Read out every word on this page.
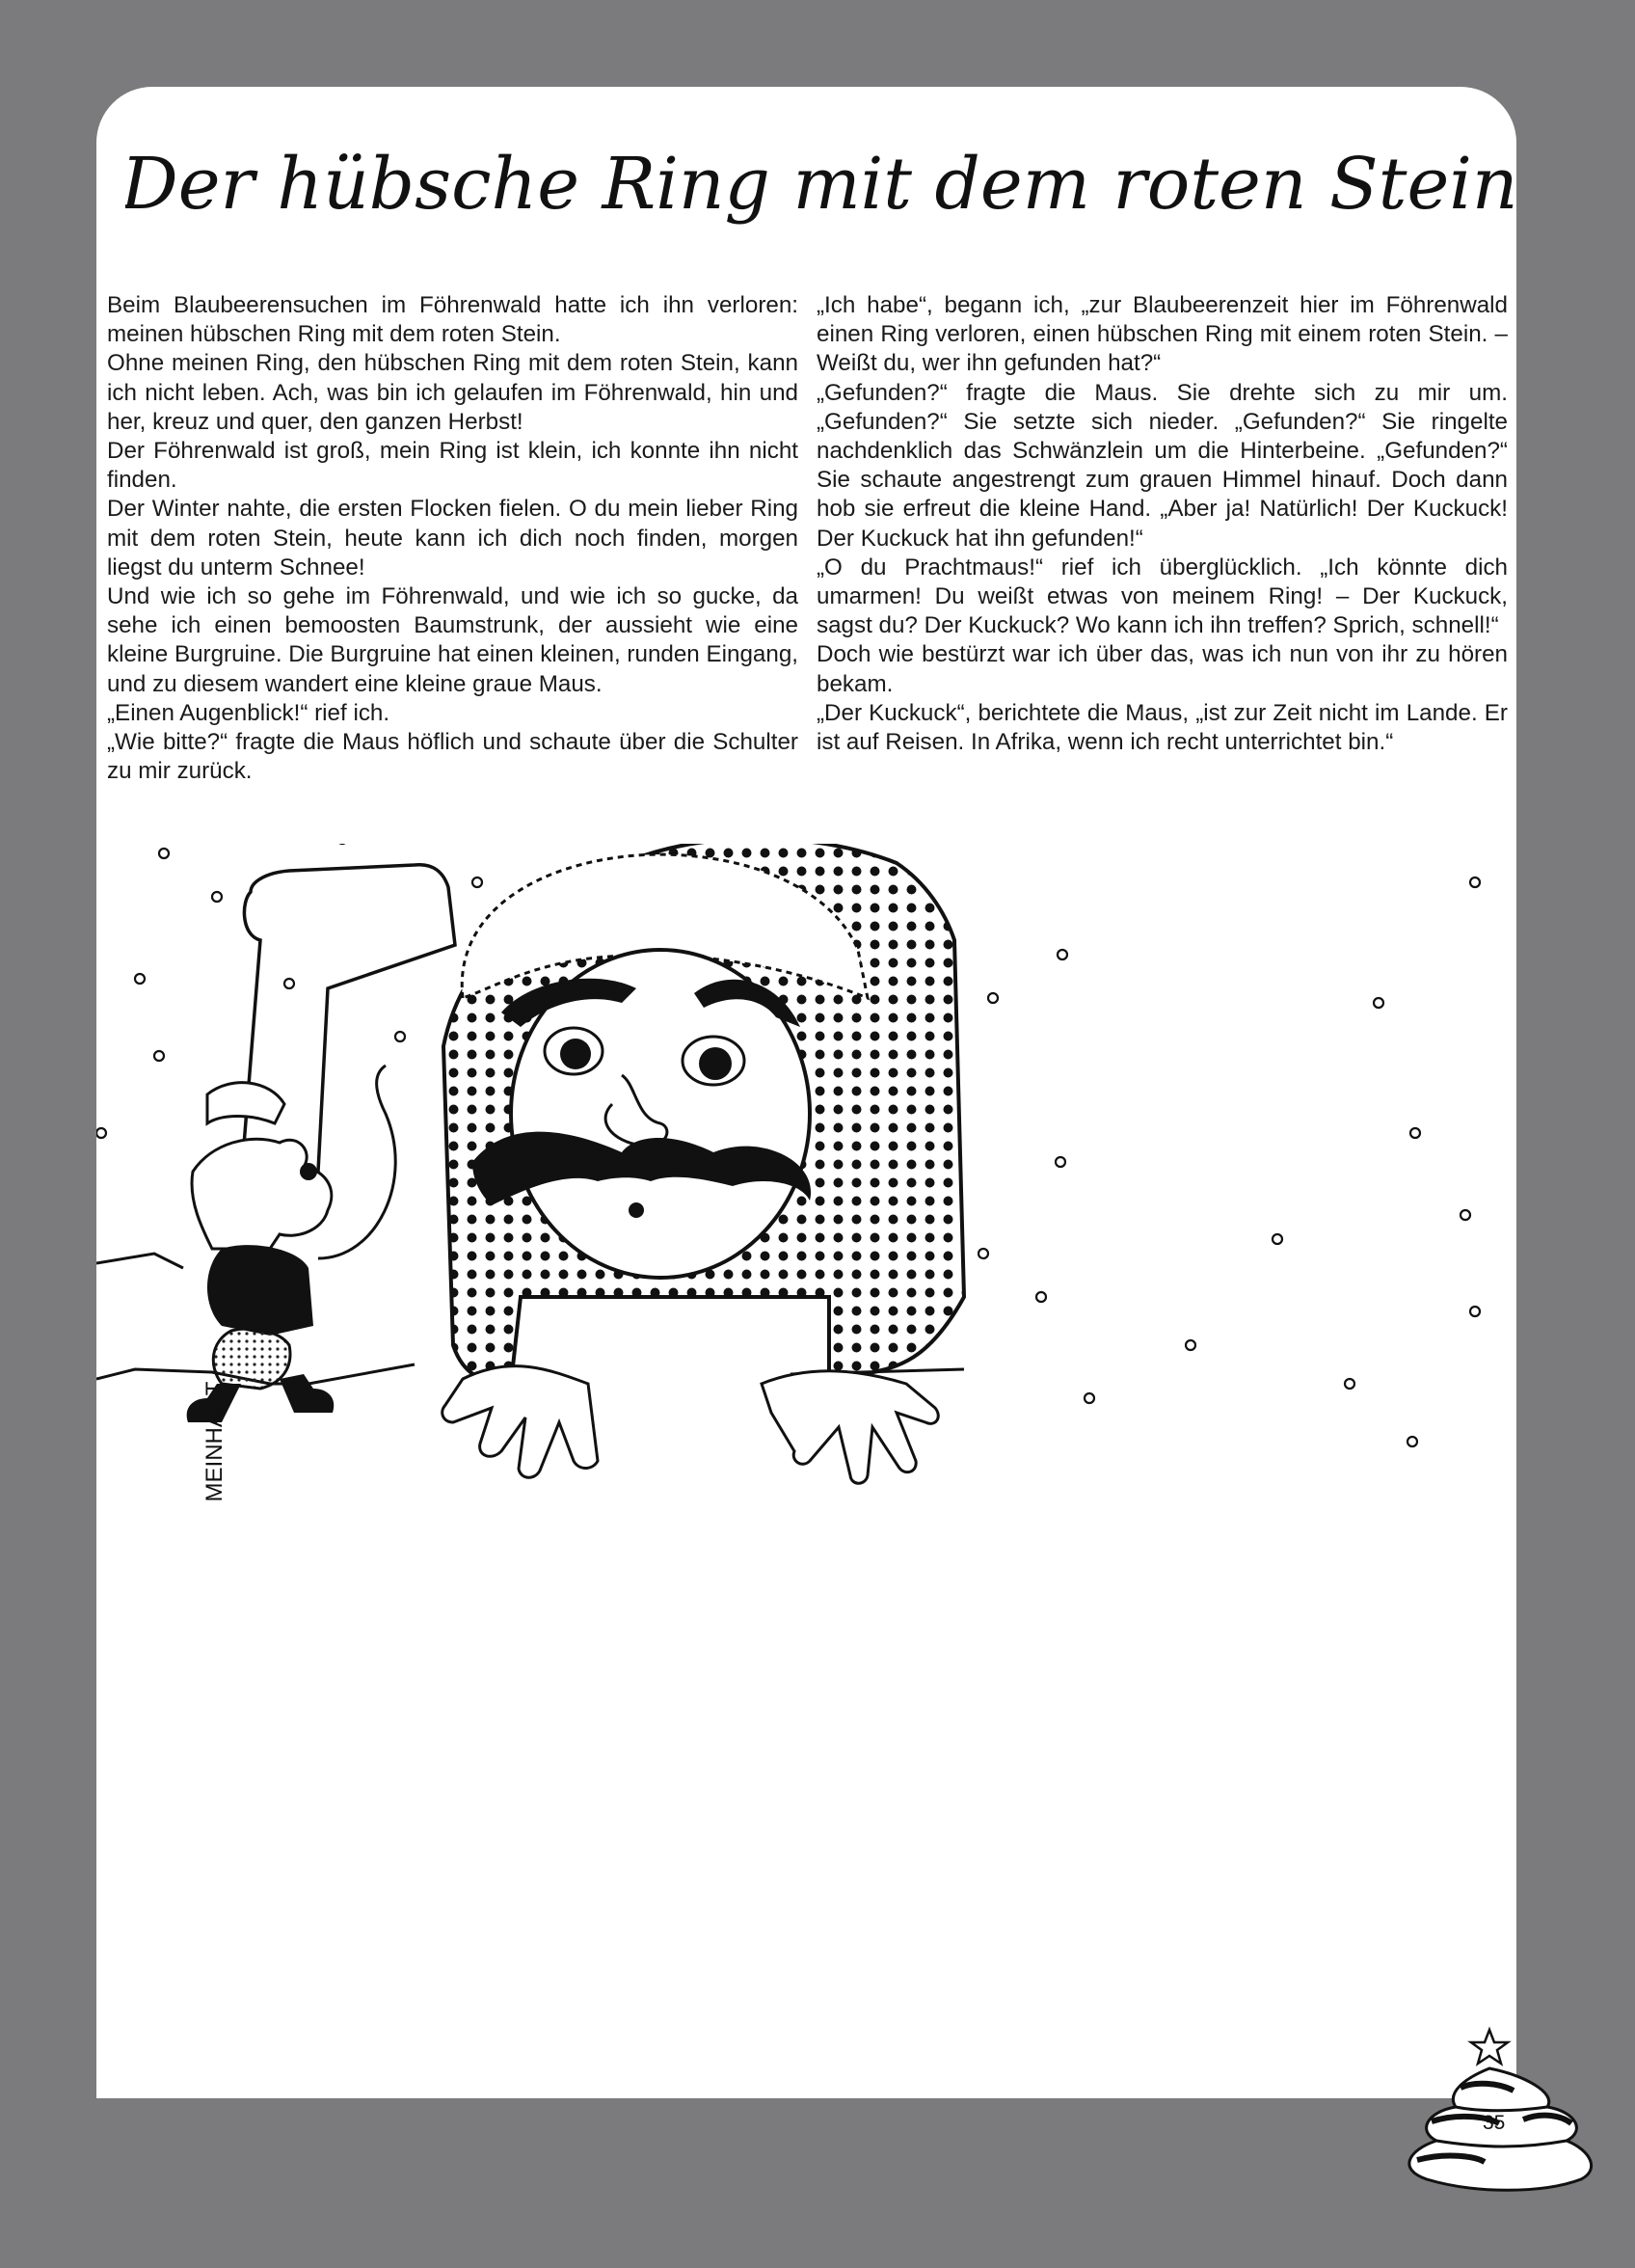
Der hübsche Ring mit dem roten Stein

Beim Blaubeerensuchen im Föhrenwald hatte ich ihn verloren: meinen hübschen Ring mit dem roten Stein.

Ohne meinen Ring, den hübschen Ring mit dem roten Stein, kann ich nicht leben. Ach, was bin ich gelaufen im Föhrenwald, hin und her, kreuz und quer, den ganzen Herbst!

Der Föhrenwald ist groß, mein Ring ist klein, ich konnte ihn nicht finden.

Der Winter nahte, die ersten Flocken fielen. O du mein lieber Ring mit dem roten Stein, heute kann ich dich noch finden, morgen liegst du unterm Schnee!

Und wie ich so gehe im Föhrenwald, und wie ich so gucke, da sehe ich einen bemoosten Baumstrunk, der aussieht wie eine kleine Burgruine. Die Burgruine hat einen kleinen, runden Eingang, und zu diesem wandert eine kleine graue Maus.

„Einen Augenblick!“ rief ich.

„Wie bitte?“ fragte die Maus höflich und schaute über die Schulter zu mir zurück.

„Ich habe“, begann ich, „zur Blaubeerenzeit hier im Föhrenwald einen Ring verloren, einen hübschen Ring mit einem roten Stein. – Weißt du, wer ihn gefunden hat?“

„Gefunden?“ fragte die Maus. Sie drehte sich zu mir um. „Gefunden?“ Sie setzte sich nieder. „Gefunden?“ Sie ringelte nachdenklich das Schwänzlein um die Hinterbeine. „Gefunden?“ Sie schaute angestrengt zum grauen Himmel hinauf. Doch dann hob sie erfreut die kleine Hand. „Aber ja! Natürlich! Der Kuckuck! Der Kuckuck hat ihn gefunden!“

„O du Prachtmaus!“ rief ich überglücklich. „Ich könnte dich umarmen! Du weißt etwas von meinem Ring! – Der Kuckuck, sagst du? Der Kuckuck? Wo kann ich ihn treffen? Sprich, schnell!“

Doch wie bestürzt war ich über das, was ich nun von ihr zu hören bekam.

„Der Kuckuck“, berichtete die Maus, „ist zur Zeit nicht im Lande. Er ist auf Reisen. In Afrika, wenn ich recht unterrichtet bin.“

MEINHART
35
